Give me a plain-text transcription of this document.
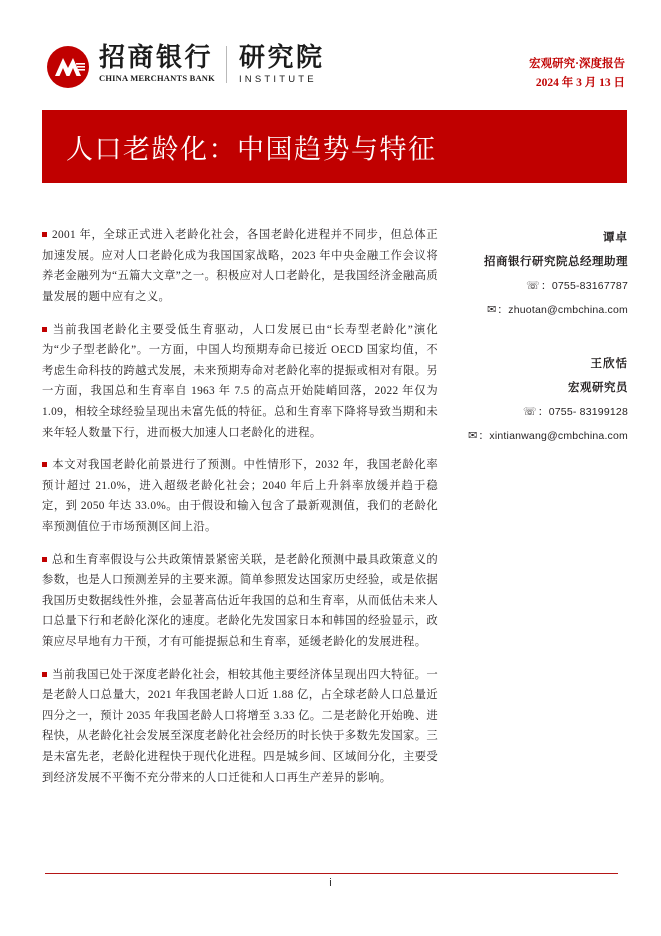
招商银行
CHINA MERCHANTS BANK
研究院
INSTITUTE
宏观研究·深度报告
2024 年 3 月 13 日
人口老龄化：中国趋势与特征

2001 年，全球正式进入老龄化社会，各国老龄化进程并不同步，但总体正加速发展。应对人口老龄化成为我国国家战略，2023 年中央金融工作会议将养老金融列为“五篇大文章”之一。积极应对人口老龄化，是我国经济金融高质量发展的题中应有之义。

当前我国老龄化主要受低生育驱动，人口发展已由“长寿型老龄化”演化为“少子型老龄化”。一方面，中国人均预期寿命已接近 OECD 国家均值，不考虑生命科技的跨越式发展，未来预期寿命对老龄化率的提振或相对有限。另一方面，我国总和生育率自 1963 年 7.5 的高点开始陡峭回落，2022 年仅为 1.09，相较全球经验呈现出未富先低的特征。总和生育率下降将导致当期和未来年轻人数量下行，进而极大加速人口老龄化的进程。

本文对我国老龄化前景进行了预测。中性情形下，2032 年，我国老龄化率预计超过 21.0%，进入超级老龄化社会；2040 年后上升斜率放缓并趋于稳定，到 2050 年达 33.0%。由于假设和输入包含了最新观测值，我们的老龄化率预测值位于市场预测区间上沿。

总和生育率假设与公共政策情景紧密关联，是老龄化预测中最具政策意义的参数，也是人口预测差异的主要来源。简单参照发达国家历史经验，或是依据我国历史数据线性外推，会显著高估近年我国的总和生育率，从而低估未来人口总量下行和老龄化深化的速度。老龄化先发国家日本和韩国的经验显示，政策应尽早地有力干预，才有可能提振总和生育率，延缓老龄化的发展进程。

当前我国已处于深度老龄化社会，相较其他主要经济体呈现出四大特征。一是老龄人口总量大，2021 年我国老龄人口近 1.88 亿，占全球老龄人口总量近四分之一，预计 2035 年我国老龄人口将增至 3.33 亿。二是老龄化开始晚、进程快，从老龄化社会发展至深度老龄化社会经历的时长快于多数先发国家。三是未富先老，老龄化进程快于现代化进程。四是城乡间、区域间分化，主要受到经济发展不平衡不充分带来的人口迁徙和人口再生产差异的影响。

谭卓
招商银行研究院总经理助理
☏：0755-83167787
✉：zhuotan@cmbchina.com
王欣恬
宏观研究员
☏：0755- 83199128
✉：xintianwang@cmbchina.com
i
